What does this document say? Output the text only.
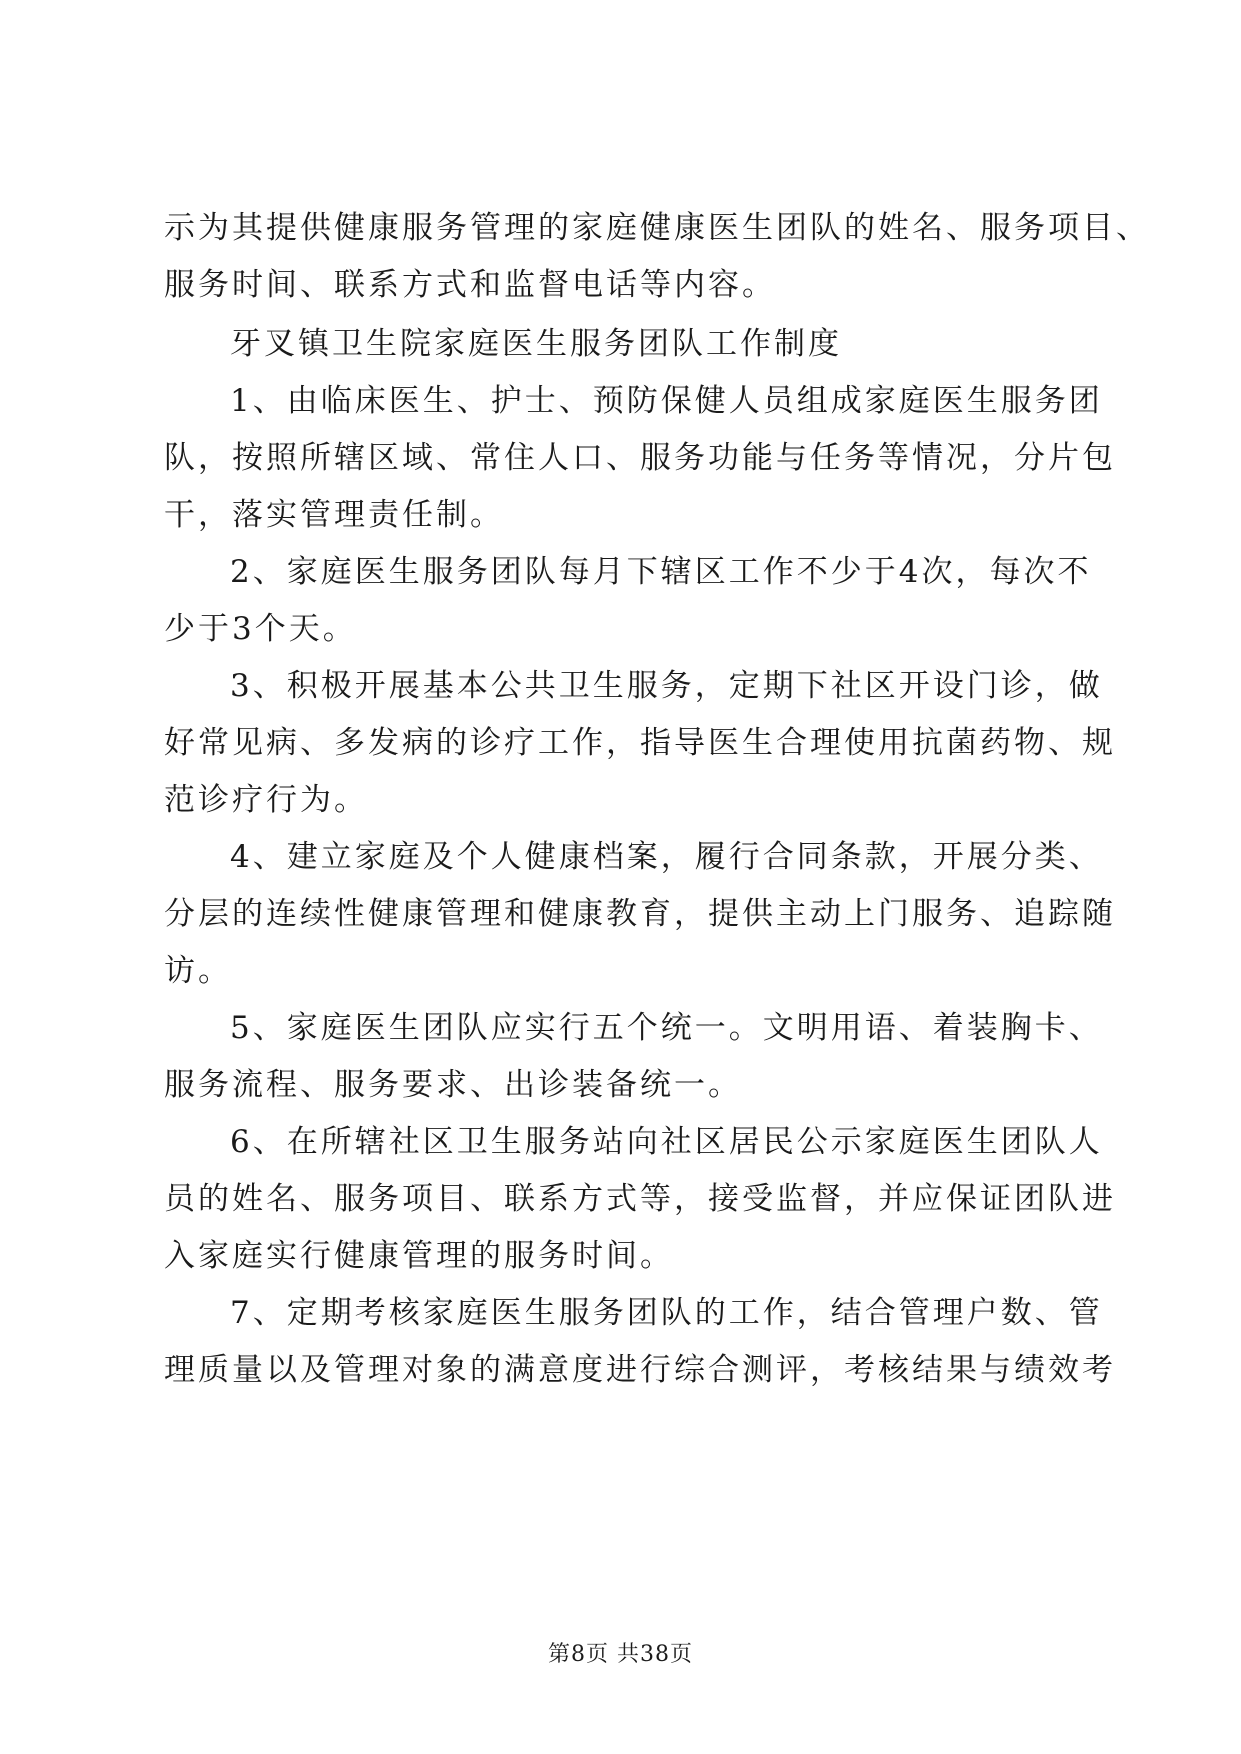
示为其提供健康服务管理的家庭健康医生团队的姓名、服务项目、
服务时间、联系方式和监督电话等内容。
牙叉镇卫生院家庭医生服务团队工作制度
1、由临床医生、护士、预防保健人员组成家庭医生服务团
队，按照所辖区域、常住人口、服务功能与任务等情况，分片包
干，落实管理责任制。
2、家庭医生服务团队每月下辖区工作不少于4次，每次不
少于3个天。
3、积极开展基本公共卫生服务，定期下社区开设门诊，做
好常见病、多发病的诊疗工作，指导医生合理使用抗菌药物、规
范诊疗行为。
4、建立家庭及个人健康档案，履行合同条款，开展分类、
分层的连续性健康管理和健康教育，提供主动上门服务、追踪随
访。
5、家庭医生团队应实行五个统一。文明用语、着装胸卡、
服务流程、服务要求、出诊装备统一。
6、在所辖社区卫生服务站向社区居民公示家庭医生团队人
员的姓名、服务项目、联系方式等，接受监督，并应保证团队进
入家庭实行健康管理的服务时间。
7、定期考核家庭医生服务团队的工作，结合管理户数、管
理质量以及管理对象的满意度进行综合测评，考核结果与绩效考
第8页 共38页
